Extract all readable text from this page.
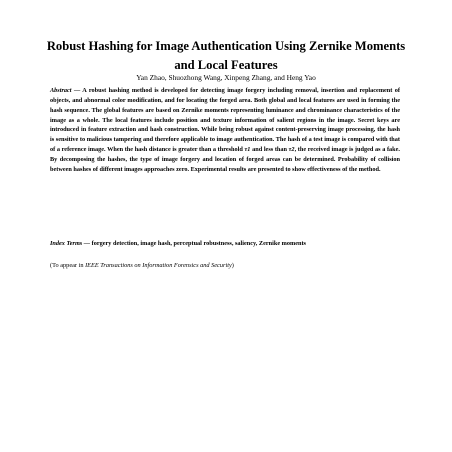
Robust Hashing for Image Authentication Using Zernike Moments and Local Features
Yan Zhao, Shuozhong Wang, Xinpeng Zhang, and Heng Yao

Abstract — A robust hashing method is developed for detecting image forgery including removal, insertion and replacement of objects, and abnormal color modification, and for locating the forged area. Both global and local features are used in forming the hash sequence. The global features are based on Zernike moments representing luminance and chrominance characteristics of the image as a whole. The local features include position and texture information of salient regions in the image. Secret keys are introduced in feature extraction and hash construction. While being robust against content-preserving image processing, the hash is sensitive to malicious tampering and therefore applicable to image authentication. The hash of a test image is compared with that of a reference image. When the hash distance is greater than a threshold τ1 and less than τ2, the received image is judged as a fake. By decomposing the hashes, the type of image forgery and location of forged areas can be determined. Probability of collision between hashes of different images approaches zero. Experimental results are presented to show effectiveness of the method.

Index Terms — forgery detection, image hash, perceptual robustness, saliency, Zernike moments

(To appear in IEEE Transactions on Information Forensics and Security)
